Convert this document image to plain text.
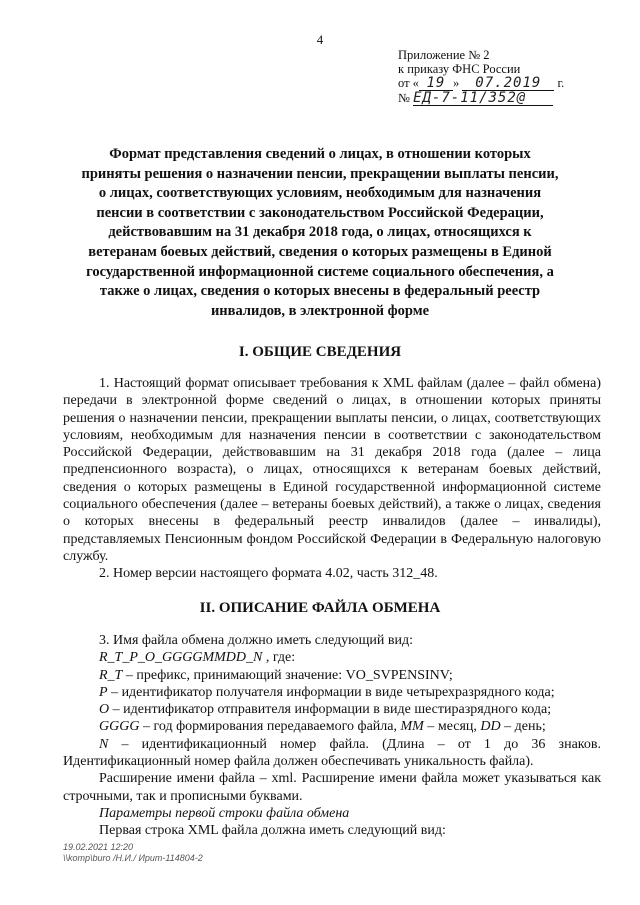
4
Приложение № 2
к приказу ФНС России
от « 19 » 07.2019 г.
№ ЕД-7-11/352@
Формат представления сведений о лицах, в отношении которых приняты решения о назначении пенсии, прекращении выплаты пенсии, о лицах, соответствующих условиям, необходимым для назначения пенсии в соответствии с законодательством Российской Федерации, действовавшим на 31 декабря 2018 года, о лицах, относящихся к ветеранам боевых действий, сведения о которых размещены в Единой государственной информационной системе социального обеспечения, а также о лицах, сведения о которых внесены в федеральный реестр инвалидов, в электронной форме
I. ОБЩИЕ СВЕДЕНИЯ

1. Настоящий формат описывает требования к XML файлам (далее – файл обмена) передачи в электронной форме сведений о лицах, в отношении которых приняты решения о назначении пенсии, прекращении выплаты пенсии, о лицах, соответствующих условиям, необходимым для назначения пенсии в соответствии с законодательством Российской Федерации, действовавшим на 31 декабря 2018 года (далее – лица предпенсионного возраста), о лицах, относящихся к ветеранам боевых действий, сведения о которых размещены в Единой государственной информационной системе социального обеспечения (далее – ветераны боевых действий), а также о лицах, сведения о которых внесены в федеральный реестр инвалидов (далее – инвалиды), представляемых Пенсионным фондом Российской Федерации в Федеральную налоговую службу.

2. Номер версии настоящего формата 4.02, часть 312_48.

II. ОПИСАНИЕ ФАЙЛА ОБМЕНА

3. Имя файла обмена должно иметь следующий вид:

R_T_P_O_GGGGMMDD_N , где:

R_T – префикс, принимающий значение: VO_SVPENSINV;

P – идентификатор получателя информации в виде четырехразрядного кода;

O – идентификатор отправителя информации в виде шестиразрядного кода;

GGGG – год формирования передаваемого файла, MM – месяц, DD – день;

N – идентификационный номер файла. (Длина – от 1 до 36 знаков. Идентификационный номер файла должен обеспечивать уникальность файла).

Расширение имени файла – xml. Расширение имени файла может указываться как строчными, так и прописными буквами.

Параметры первой строки файла обмена

Первая строка XML файла должна иметь следующий вид:

19.02.2021 12:20
\\komp\buro /Н.И./ Ирит-114804-2
